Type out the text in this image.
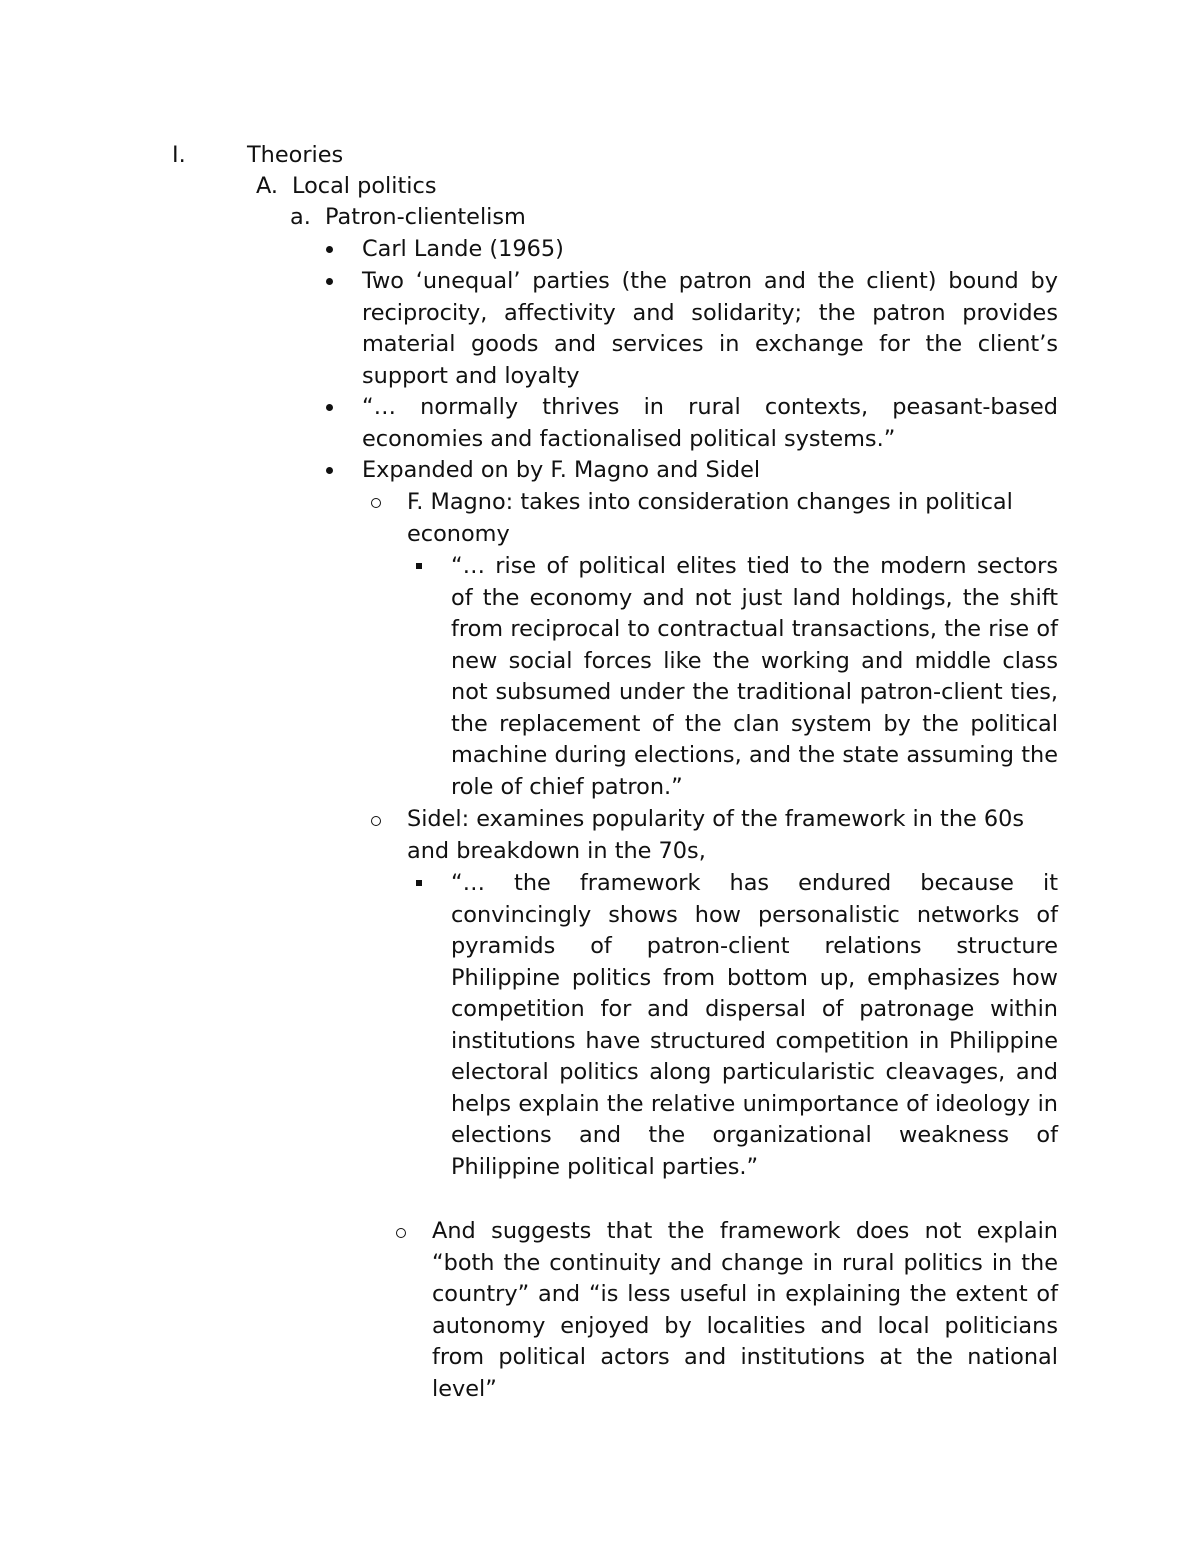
I.	Theories
A. Local politics
a. Patron-clientelism
Carl Lande (1965)
Two ‘unequal’ parties (the patron and the client) bound by reciprocity, affectivity and solidarity; the patron provides material goods and services in exchange for the client’s support and loyalty
“… normally thrives in rural contexts, peasant-based economies and factionalised political systems.”
Expanded on by F. Magno and Sidel
F. Magno: takes into consideration changes in political economy
“… rise of political elites tied to the modern sectors of the economy and not just land holdings, the shift from reciprocal to contractual transactions, the rise of new social forces like the working and middle class not subsumed under the traditional patron-client ties, the replacement of the clan system by the political machine during elections, and the state assuming the role of chief patron.”
Sidel: examines popularity of the framework in the 60s and breakdown in the 70s,
“… the framework has endured because it convincingly shows how personalistic networks of pyramids of patron-client relations structure Philippine politics from bottom up, emphasizes how competition for and dispersal of patronage within institutions have structured competition in Philippine electoral politics along particularistic cleavages, and helps explain the relative unimportance of ideology in elections and the organizational weakness of Philippine political parties.”
And suggests that the framework does not explain “both the continuity and change in rural politics in the country” and “is less useful in explaining the extent of autonomy enjoyed by localities and local politicians from political actors and institutions at the national level”
